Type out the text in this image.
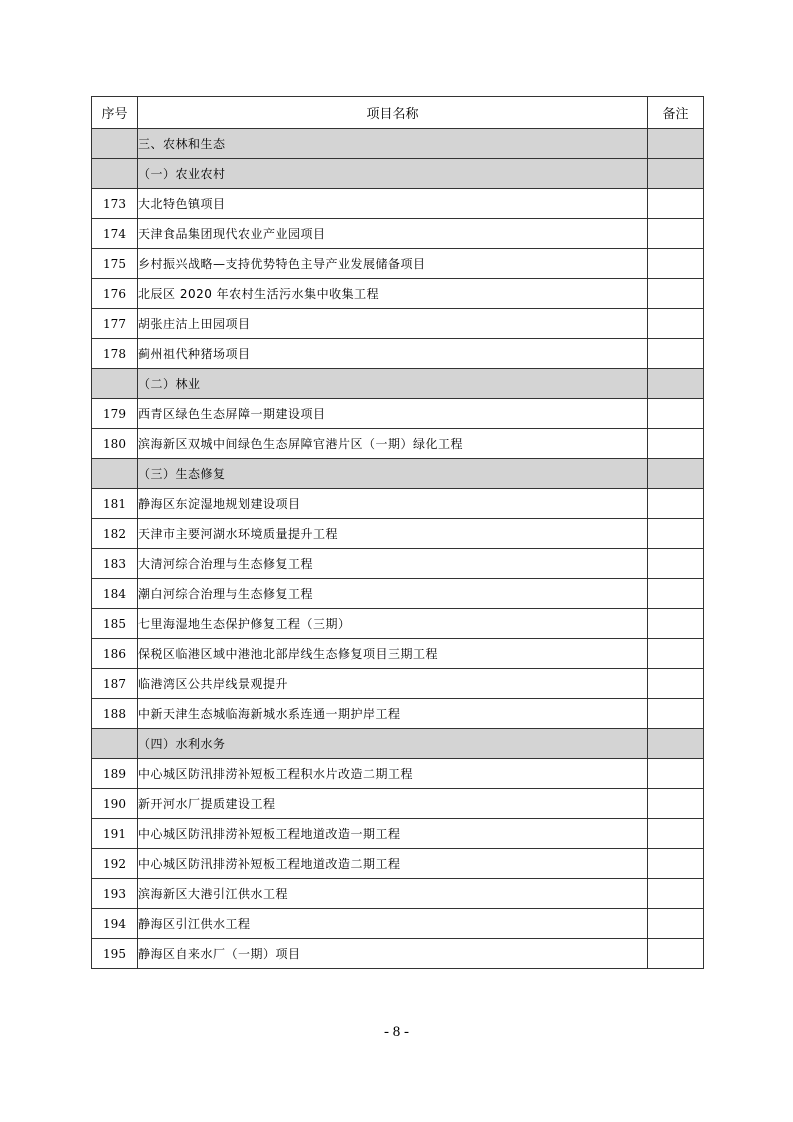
序号	项目名称	备注
	三、农林和生态	
	（一）农业农村	
173	大北特色镇项目	
174	天津食品集团现代农业产业园项目	
175	乡村振兴战略—支持优势特色主导产业发展储备项目	
176	北辰区 2020 年农村生活污水集中收集工程	
177	胡张庄沽上田园项目	
178	蓟州祖代种猪场项目	
	（二）林业	
179	西青区绿色生态屏障一期建设项目	
180	滨海新区双城中间绿色生态屏障官港片区（一期）绿化工程	
	（三）生态修复	
181	静海区东淀湿地规划建设项目	
182	天津市主要河湖水环境质量提升工程	
183	大清河综合治理与生态修复工程	
184	潮白河综合治理与生态修复工程	
185	七里海湿地生态保护修复工程（三期）	
186	保税区临港区域中港池北部岸线生态修复项目三期工程	
187	临港湾区公共岸线景观提升	
188	中新天津生态城临海新城水系连通一期护岸工程	
	（四）水利水务	
189	中心城区防汛排涝补短板工程积水片改造二期工程	
190	新开河水厂提质建设工程	
191	中心城区防汛排涝补短板工程地道改造一期工程	
192	中心城区防汛排涝补短板工程地道改造二期工程	
193	滨海新区大港引江供水工程	
194	静海区引江供水工程	
195	静海区自来水厂（一期）项目	
- 8 -
